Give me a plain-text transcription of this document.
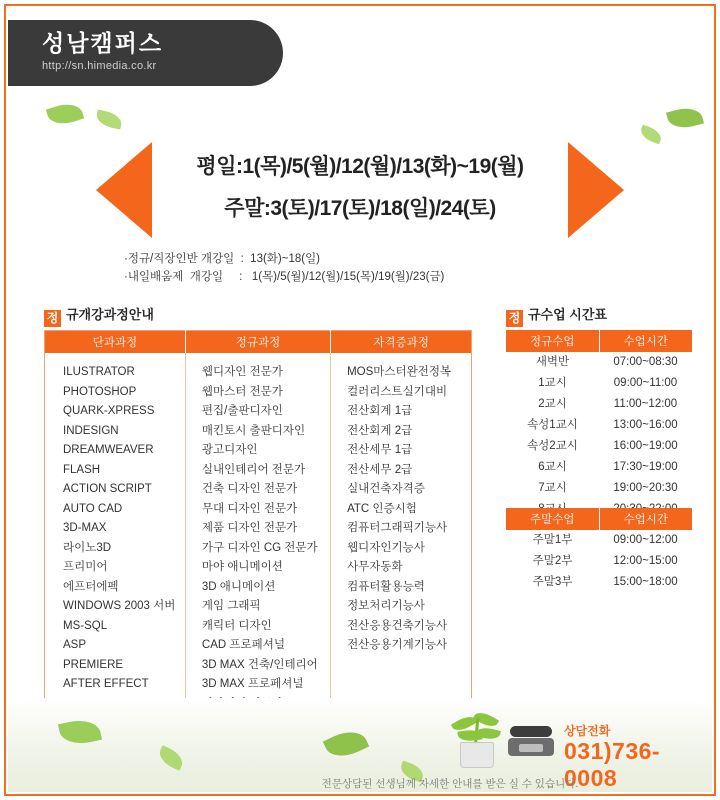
성남캠퍼스
http://sn.himedia.co.kr
평일:1(목)/5(월)/12(월)/13(화)~19(월)
주말:3(토)/17(토)/18(일)/24(토)
·정규/직장인반 개강일  :  13(화)~18(일)
·내일배움제  개강일     :   1(목)/5(월)/12(월)/15(목)/19(월)/23(금)
정 규개강과정안내	정 규수업 시간표
단과과정	정규과정	자격증과정

ILUSTRATOR
PHOTOSHOP
QUARK-XPRESS
INDESIGN
DREAMWEAVER
FLASH
ACTION SCRIPT
AUTO CAD
3D-MAX
라이노3D
프리미어
에프터에펙
WINDOWS 2003 서버
MS-SQL
ASP
PREMIERE
AFTER EFFECT

웹디자인 전문가
웹마스터 전문가
편집/출판디자인
매킨토시 출판디자인
광고디자인
실내인테리어 전문가
건축 디자인 전문가
무대 디자인 전문가
제품 디자인 전문가
가구 디자인 CG 전문가
마야 애니메이션
3D 애니메이션
게임 그래픽
캐릭터 디자인
CAD 프로페셔널
3D MAX 건축/인테리어
3D MAX 프로페셔널

MOS마스터완전정복
컬러리스트실기대비
전산회계 1급
전산회계 2급
전산세무 1급
전산세무 2급
실내건축자격증
ATC 인증시험
컴퓨터그래픽기능사
웹디자인기능사
사무자동화
컴퓨터활용능력
정보처리기능사
전산응용건축기능사
전산응용기계기능사
정규수업	수업시간
새벽반	07:00~08:30
1교시	09:00~11:00
2교시	11:00~12:00
속성1교시	13:00~16:00
속성2교시	16:00~19:00
6교시	17:30~19:00
7교시	19:00~20:30

주말수업	수업시간
주말1부	09:00~12:00
주말2부	12:00~15:00
주말3부	15:00~18:00
상담전화
031)736-0008
전문상담된 선생님께 자세한 안내를 받은 실 수 있습니다.
